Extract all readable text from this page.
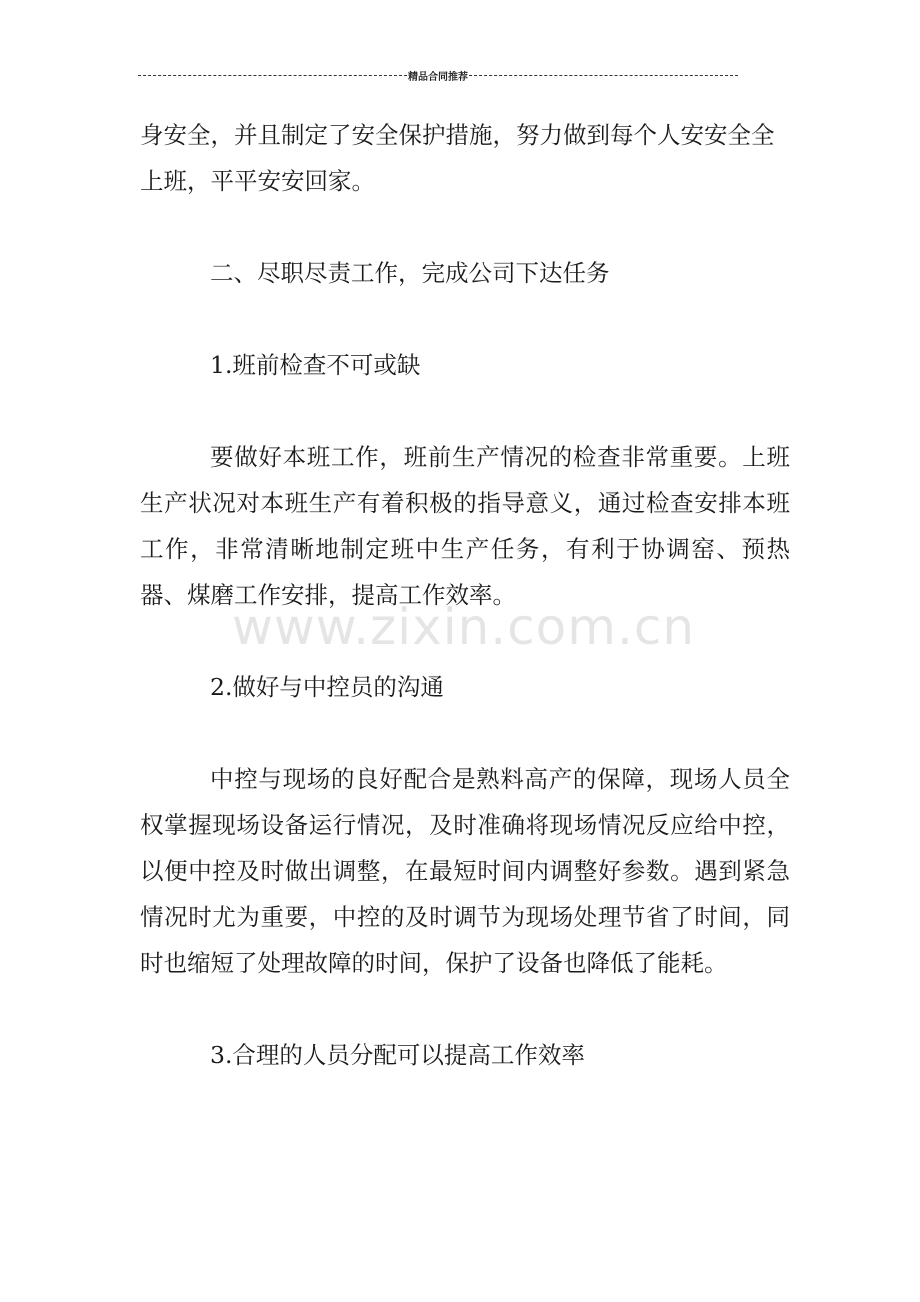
精品合同推荐

身安全，并且制定了安全保护措施，努力做到每个人安安全全上班，平平安安回家。

二、尽职尽责工作，完成公司下达任务

1.班前检查不可或缺

要做好本班工作，班前生产情况的检查非常重要。上班生产状况对本班生产有着积极的指导意义，通过检查安排本班工作，非常清晰地制定班中生产任务，有利于协调窑、预热器、煤磨工作安排，提高工作效率。

2.做好与中控员的沟通

中控与现场的良好配合是熟料高产的保障，现场人员全权掌握现场设备运行情况，及时准确将现场情况反应给中控，以便中控及时做出调整，在最短时间内调整好参数。遇到紧急情况时尤为重要，中控的及时调节为现场处理节省了时间，同时也缩短了处理故障的时间，保护了设备也降低了能耗。

3.合理的人员分配可以提高工作效率

www.zixin.com.cn
